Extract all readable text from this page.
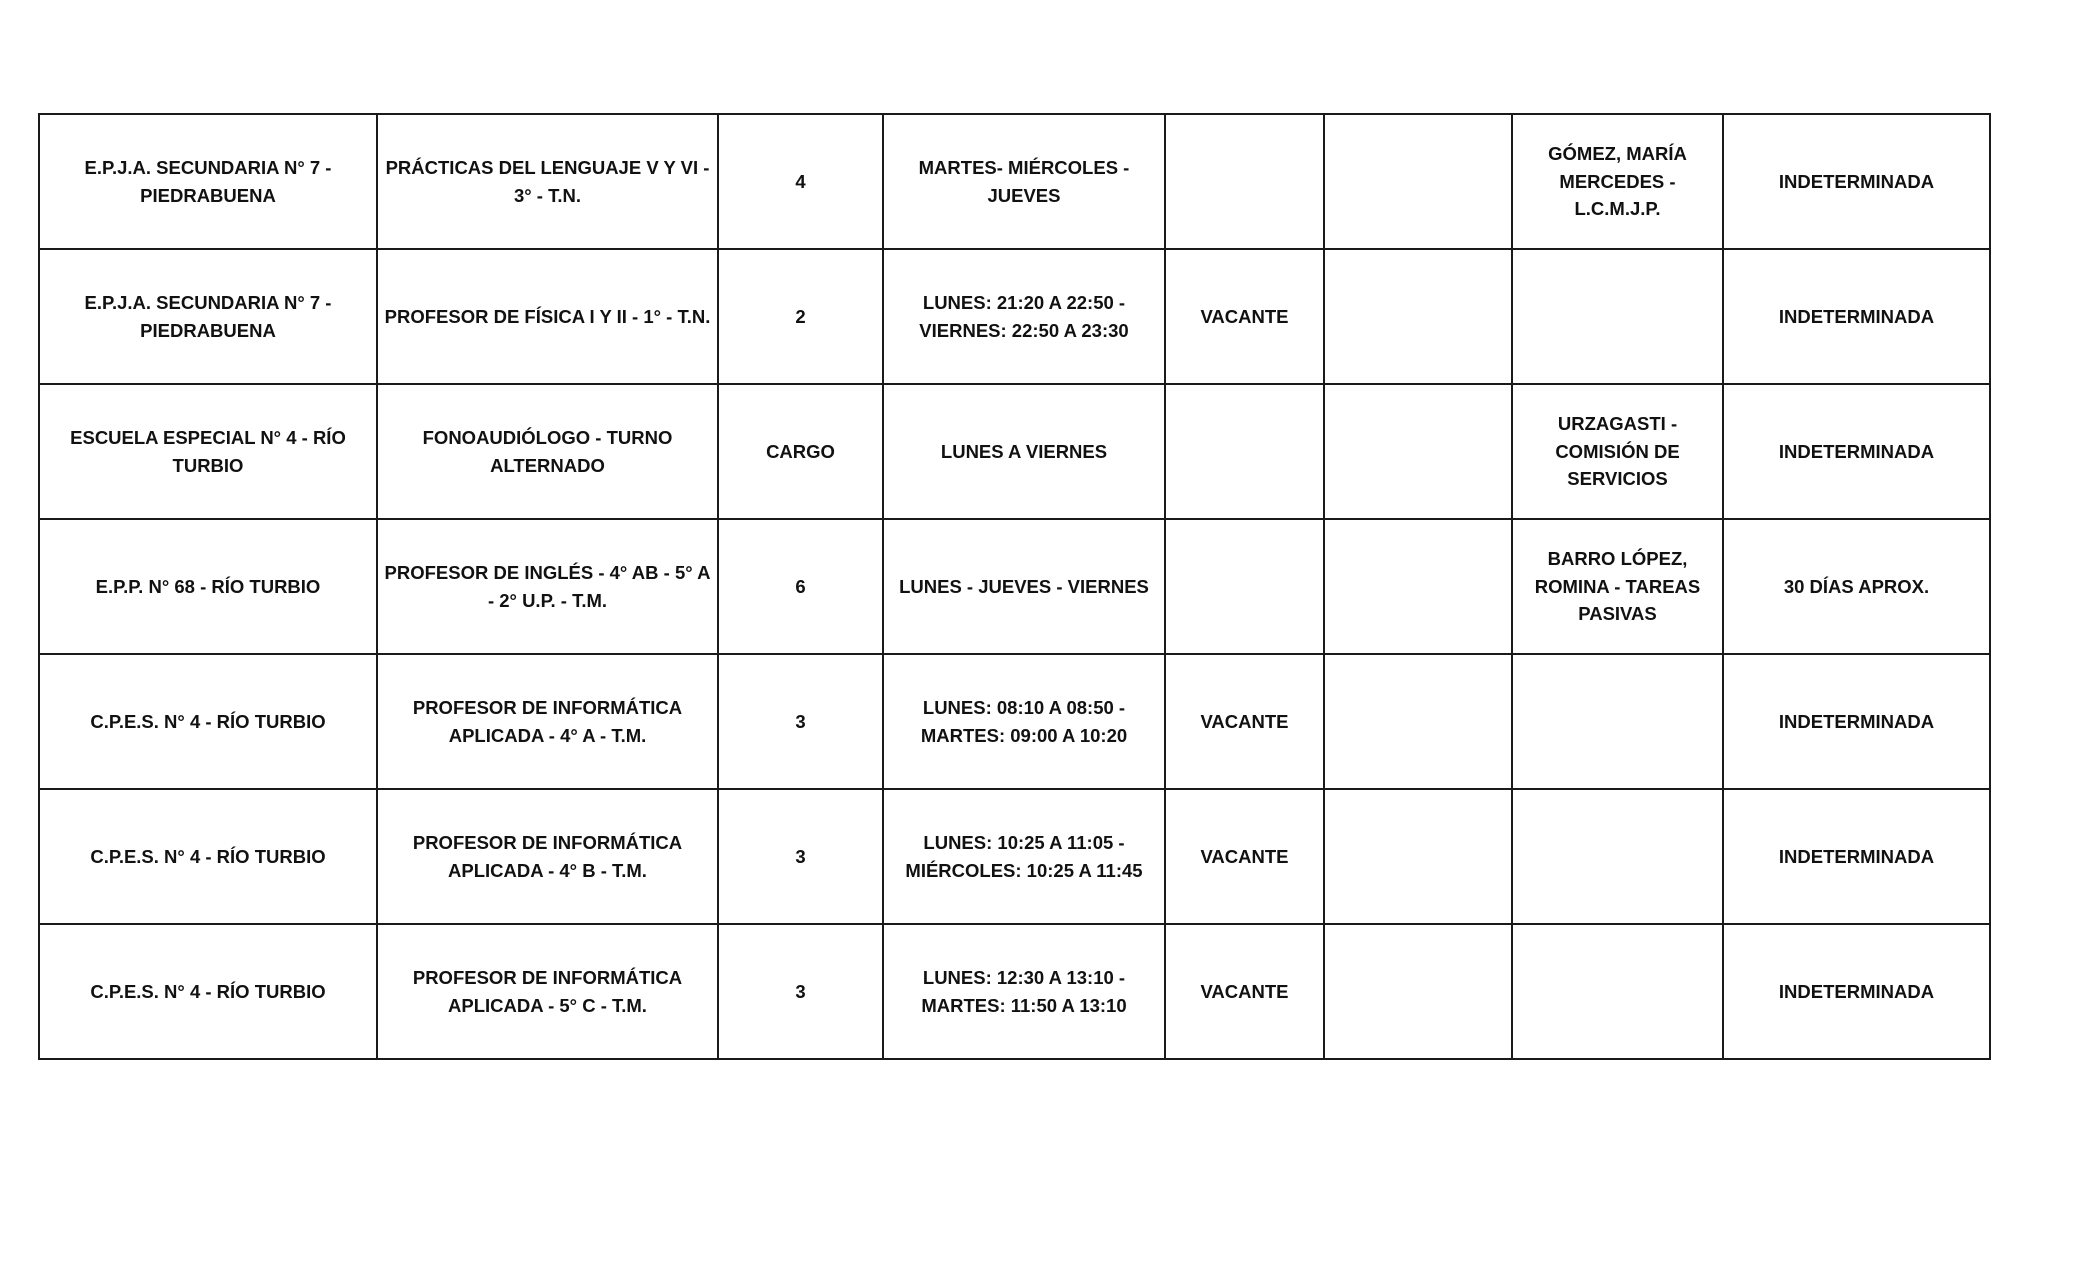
E.P.J.A. SECUNDARIA N° 7 - PIEDRABUENA	PRÁCTICAS DEL LENGUAJE V Y VI - 3° - T.N.	4	MARTES- MIÉRCOLES - JUEVES			GÓMEZ, MARÍA MERCEDES - L.C.M.J.P.	INDETERMINADA
E.P.J.A. SECUNDARIA N° 7 - PIEDRABUENA	PROFESOR DE FÍSICA I Y II - 1° - T.N.	2	LUNES: 21:20 A 22:50 - VIERNES: 22:50 A 23:30	VACANTE			INDETERMINADA
ESCUELA ESPECIAL N° 4 - RÍO TURBIO	FONOAUDIÓLOGO - TURNO ALTERNADO	CARGO	LUNES A VIERNES			URZAGASTI - COMISIÓN DE SERVICIOS	INDETERMINADA
E.P.P. N° 68 - RÍO TURBIO	PROFESOR DE INGLÉS - 4° AB - 5° A - 2° U.P. - T.M.	6	LUNES - JUEVES - VIERNES			BARRO LÓPEZ, ROMINA - TAREAS PASIVAS	30 DÍAS APROX.
C.P.E.S. N° 4 - RÍO TURBIO	PROFESOR DE INFORMÁTICA APLICADA - 4° A - T.M.	3	LUNES: 08:10 A 08:50 - MARTES: 09:00 A 10:20	VACANTE			INDETERMINADA
C.P.E.S. N° 4 - RÍO TURBIO	PROFESOR DE INFORMÁTICA APLICADA - 4° B - T.M.	3	LUNES: 10:25 A 11:05 - MIÉRCOLES: 10:25 A 11:45	VACANTE			INDETERMINADA
C.P.E.S. N° 4 - RÍO TURBIO	PROFESOR DE INFORMÁTICA APLICADA - 5° C - T.M.	3	LUNES: 12:30 A 13:10 - MARTES: 11:50 A 13:10	VACANTE			INDETERMINADA
